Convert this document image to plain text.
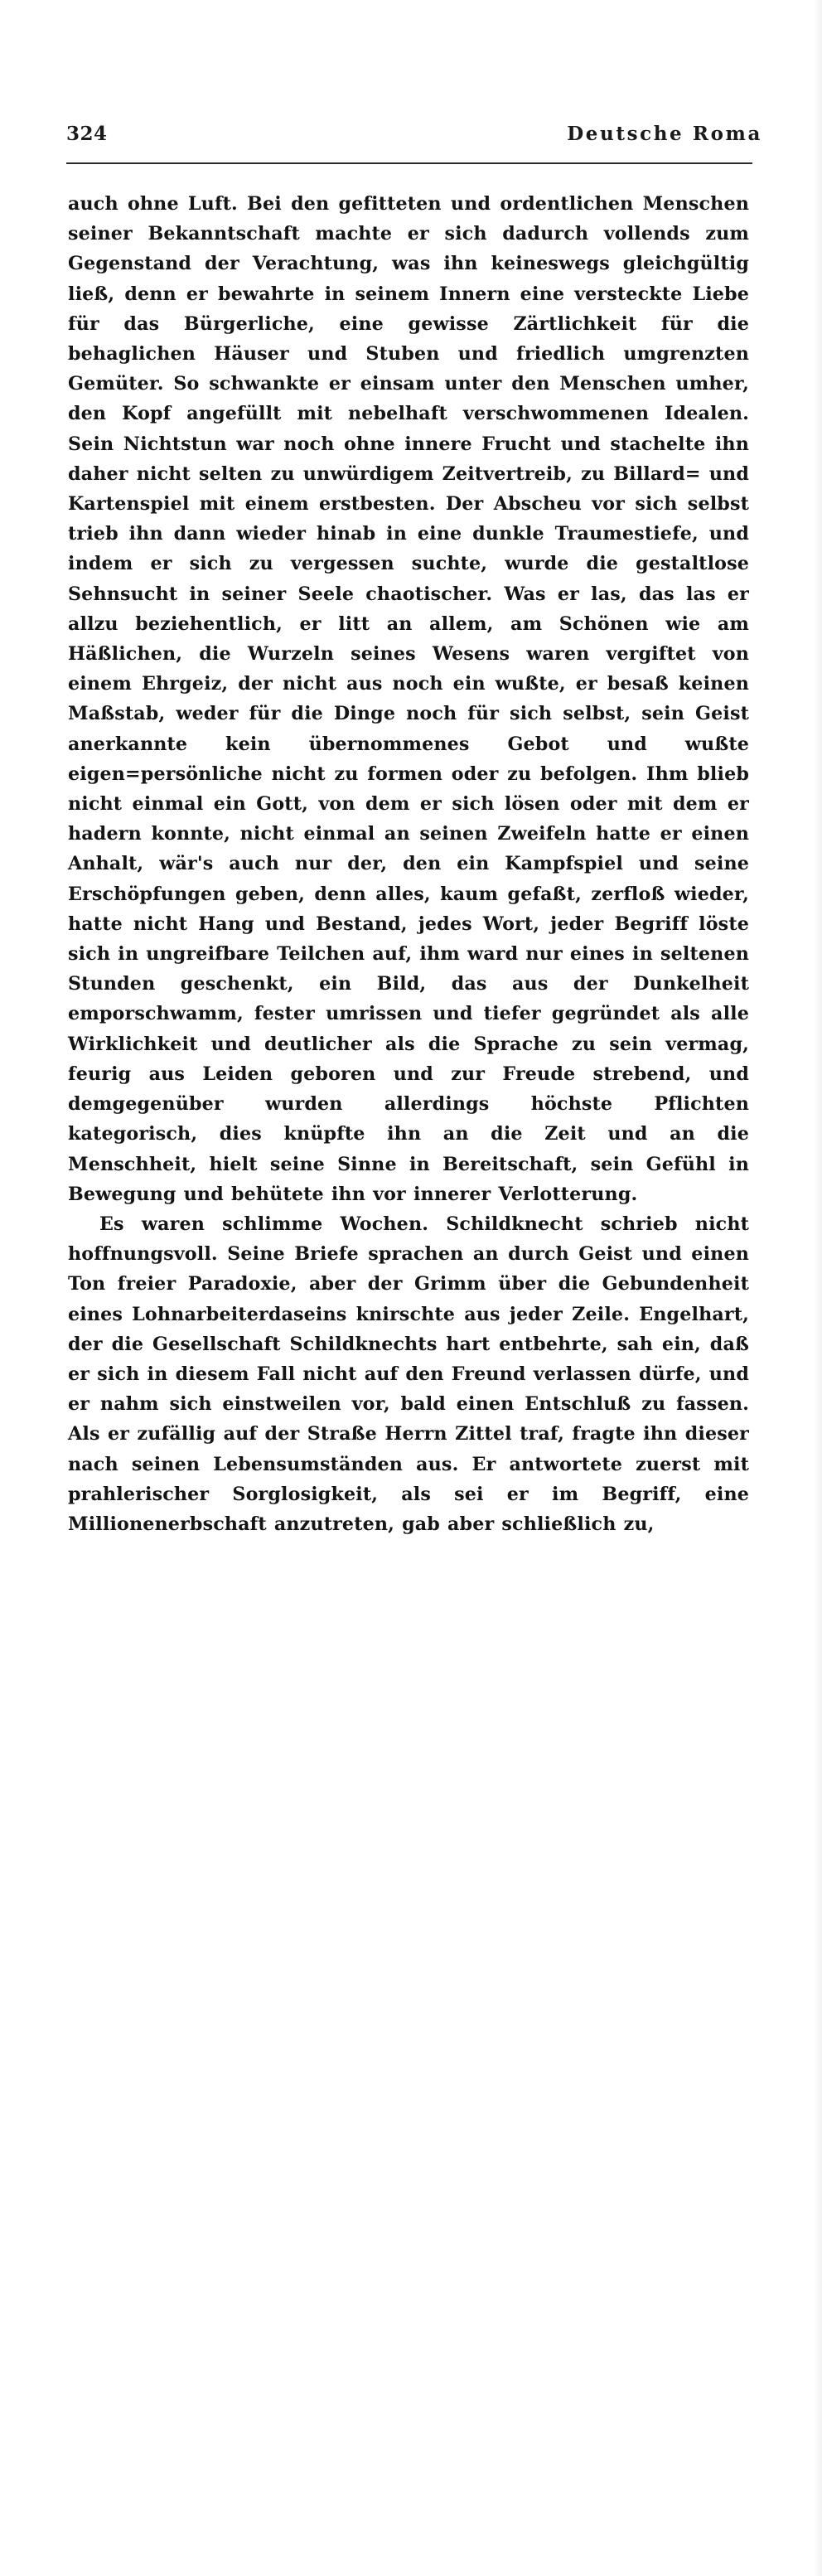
324	Deutsche Roma

auch ohne Luft. Bei den gefitteten und ordentlichen Menschen seiner Bekanntschaft machte er sich dadurch vollends zum Gegenstand der Verachtung, was ihn keineswegs gleichgültig ließ, denn er bewahrte in seinem Innern eine versteckte Liebe für das Bürgerliche, eine gewisse Zärtlichkeit für die behaglichen Häuser und Stuben und friedlich umgrenzten Gemüter. So schwankte er einsam unter den Menschen umher, den Kopf angefüllt mit nebelhaft verschwommenen Idealen. Sein Nichtstun war noch ohne innere Frucht und stachelte ihn daher nicht selten zu unwürdigem Zeitvertreib, zu Billard= und Kartenspiel mit einem erstbesten. Der Abscheu vor sich selbst trieb ihn dann wieder hinab in eine dunkle Traumestiefe, und indem er sich zu vergessen suchte, wurde die gestaltlose Sehnsucht in seiner Seele chaotischer. Was er las, das las er allzu beziehentlich, er litt an allem, am Schönen wie am Häßlichen, die Wurzeln seines Wesens waren vergiftet von einem Ehrgeiz, der nicht aus noch ein wußte, er besaß keinen Maßstab, weder für die Dinge noch für sich selbst, sein Geist anerkannte kein übernommenes Gebot und wußte eigen=persönliche nicht zu formen oder zu befolgen. Ihm blieb nicht einmal ein Gott, von dem er sich lösen oder mit dem er hadern konnte, nicht einmal an seinen Zweifeln hatte er einen Anhalt, wär's auch nur der, den ein Kampfspiel und seine Erschöpfungen geben, denn alles, kaum gefaßt, zerfloß wieder, hatte nicht Hang und Bestand, jedes Wort, jeder Begriff löste sich in ungreifbare Teilchen auf, ihm ward nur eines in seltenen Stunden geschenkt, ein Bild, das aus der Dunkelheit emporschwamm, fester umrissen und tiefer gegründet als alle Wirklichkeit und deutlicher als die Sprache zu sein vermag, feurig aus Leiden geboren und zur Freude strebend, und demgegenüber wurden allerdings höchste Pflichten kategorisch, dies knüpfte ihn an die Zeit und an die Menschheit, hielt seine Sinne in Bereitschaft, sein Gefühl in Bewegung und behütete ihn vor innerer Verlotterung.

Es waren schlimme Wochen. Schildknecht schrieb nicht hoffnungsvoll. Seine Briefe sprachen an durch Geist und einen Ton freier Paradoxie, aber der Grimm über die Gebundenheit eines Lohnarbeiterdaseins knirschte aus jeder Zeile. Engelhart, der die Gesellschaft Schildknechts hart entbehrte, sah ein, daß er sich in diesem Fall nicht auf den Freund verlassen dürfe, und er nahm sich einstweilen vor, bald einen Entschluß zu fassen. Als er zufällig auf der Straße Herrn Zittel traf, fragte ihn dieser nach seinen Lebensumständen aus. Er antwortete zuerst mit prahlerischer Sorglosigkeit, als sei er im Begriff, eine Millionenerbschaft anzutreten, gab aber schließlich zu,
